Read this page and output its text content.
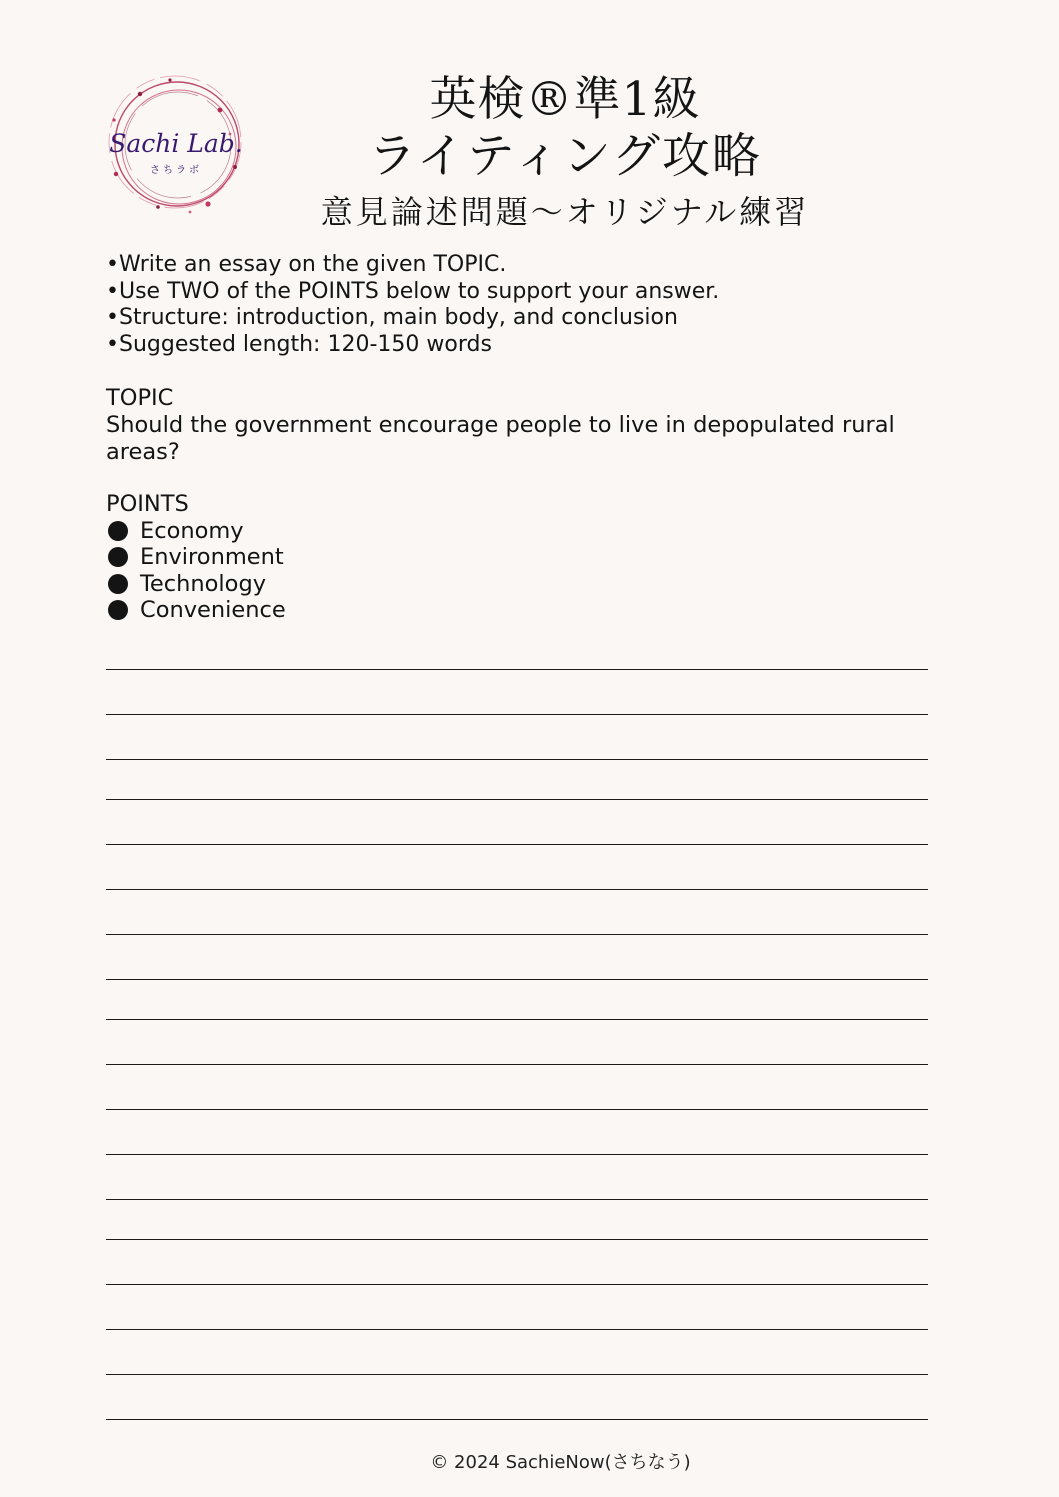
Sachi Lab.
さちラボ
英検®準1級
ライティング攻略
意見論述問題〜オリジナル練習
•Write an essay on the given TOPIC.
•Use TWO of the POINTS below to support your answer.
•Structure: introduction, main body, and conclusion
•Suggested length: 120-150 words
TOPIC
Should the government encourage people to live in depopulated rural areas?
POINTS
Economy
Environment
Technology
Convenience
© 2024 SachieNow(さちなう)
